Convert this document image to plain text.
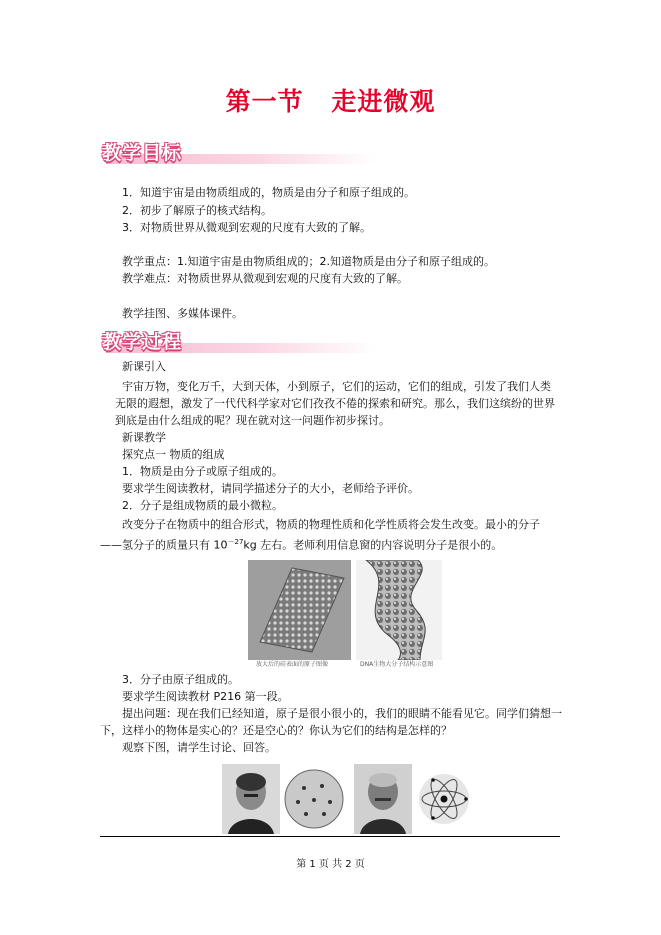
第一节 走进微观
教学目标
1．知道宇宙是由物质组成的，物质是由分子和原子组成的。
2．初步了解原子的核式结构。
3．对物质世界从微观到宏观的尺度有大致的了解。
教学重点：1.知道宇宙是由物质组成的；2.知道物质是由分子和原子组成的。
教学难点：对物质世界从微观到宏观的尺度有大致的了解。
教学挂图、多媒体课件。
教学过程
新课引入
宇宙万物，变化万千，大到天体，小到原子，它们的运动，它们的组成，引发了我们人类无限的遐想，激发了一代代科学家对它们孜孜不倦的探索和研究。那么，我们这缤纷的世界到底是由什么组成的呢？现在就对这一问题作初步探讨。
新课教学
探究点一 物质的组成
1．物质是由分子或原子组成的。
要求学生阅读教材，请同学描述分子的大小，老师给予评价。
2．分子是组成物质的最小微粒。
改变分子在物质中的组合形式，物质的物理性质和化学性质将会发生改变。最小的分子
——氢分子的质量只有 $10^{-27}kg$ 左右。老师利用信息窗的内容说明分子是很小的。
放大后的硅表面的原子图像	DNA生物大分子结构示意图
3．分子由原子组成的。
要求学生阅读教材 P216 第一段。
提出问题：现在我们已经知道，原子是很小很小的，我们的眼睛不能看见它。同学们猜想一
下，这样小的物体是实心的？还是空心的？你认为它们的结构是怎样的？
观察下图，请学生讨论、回答。
第 1 页 共 2 页
